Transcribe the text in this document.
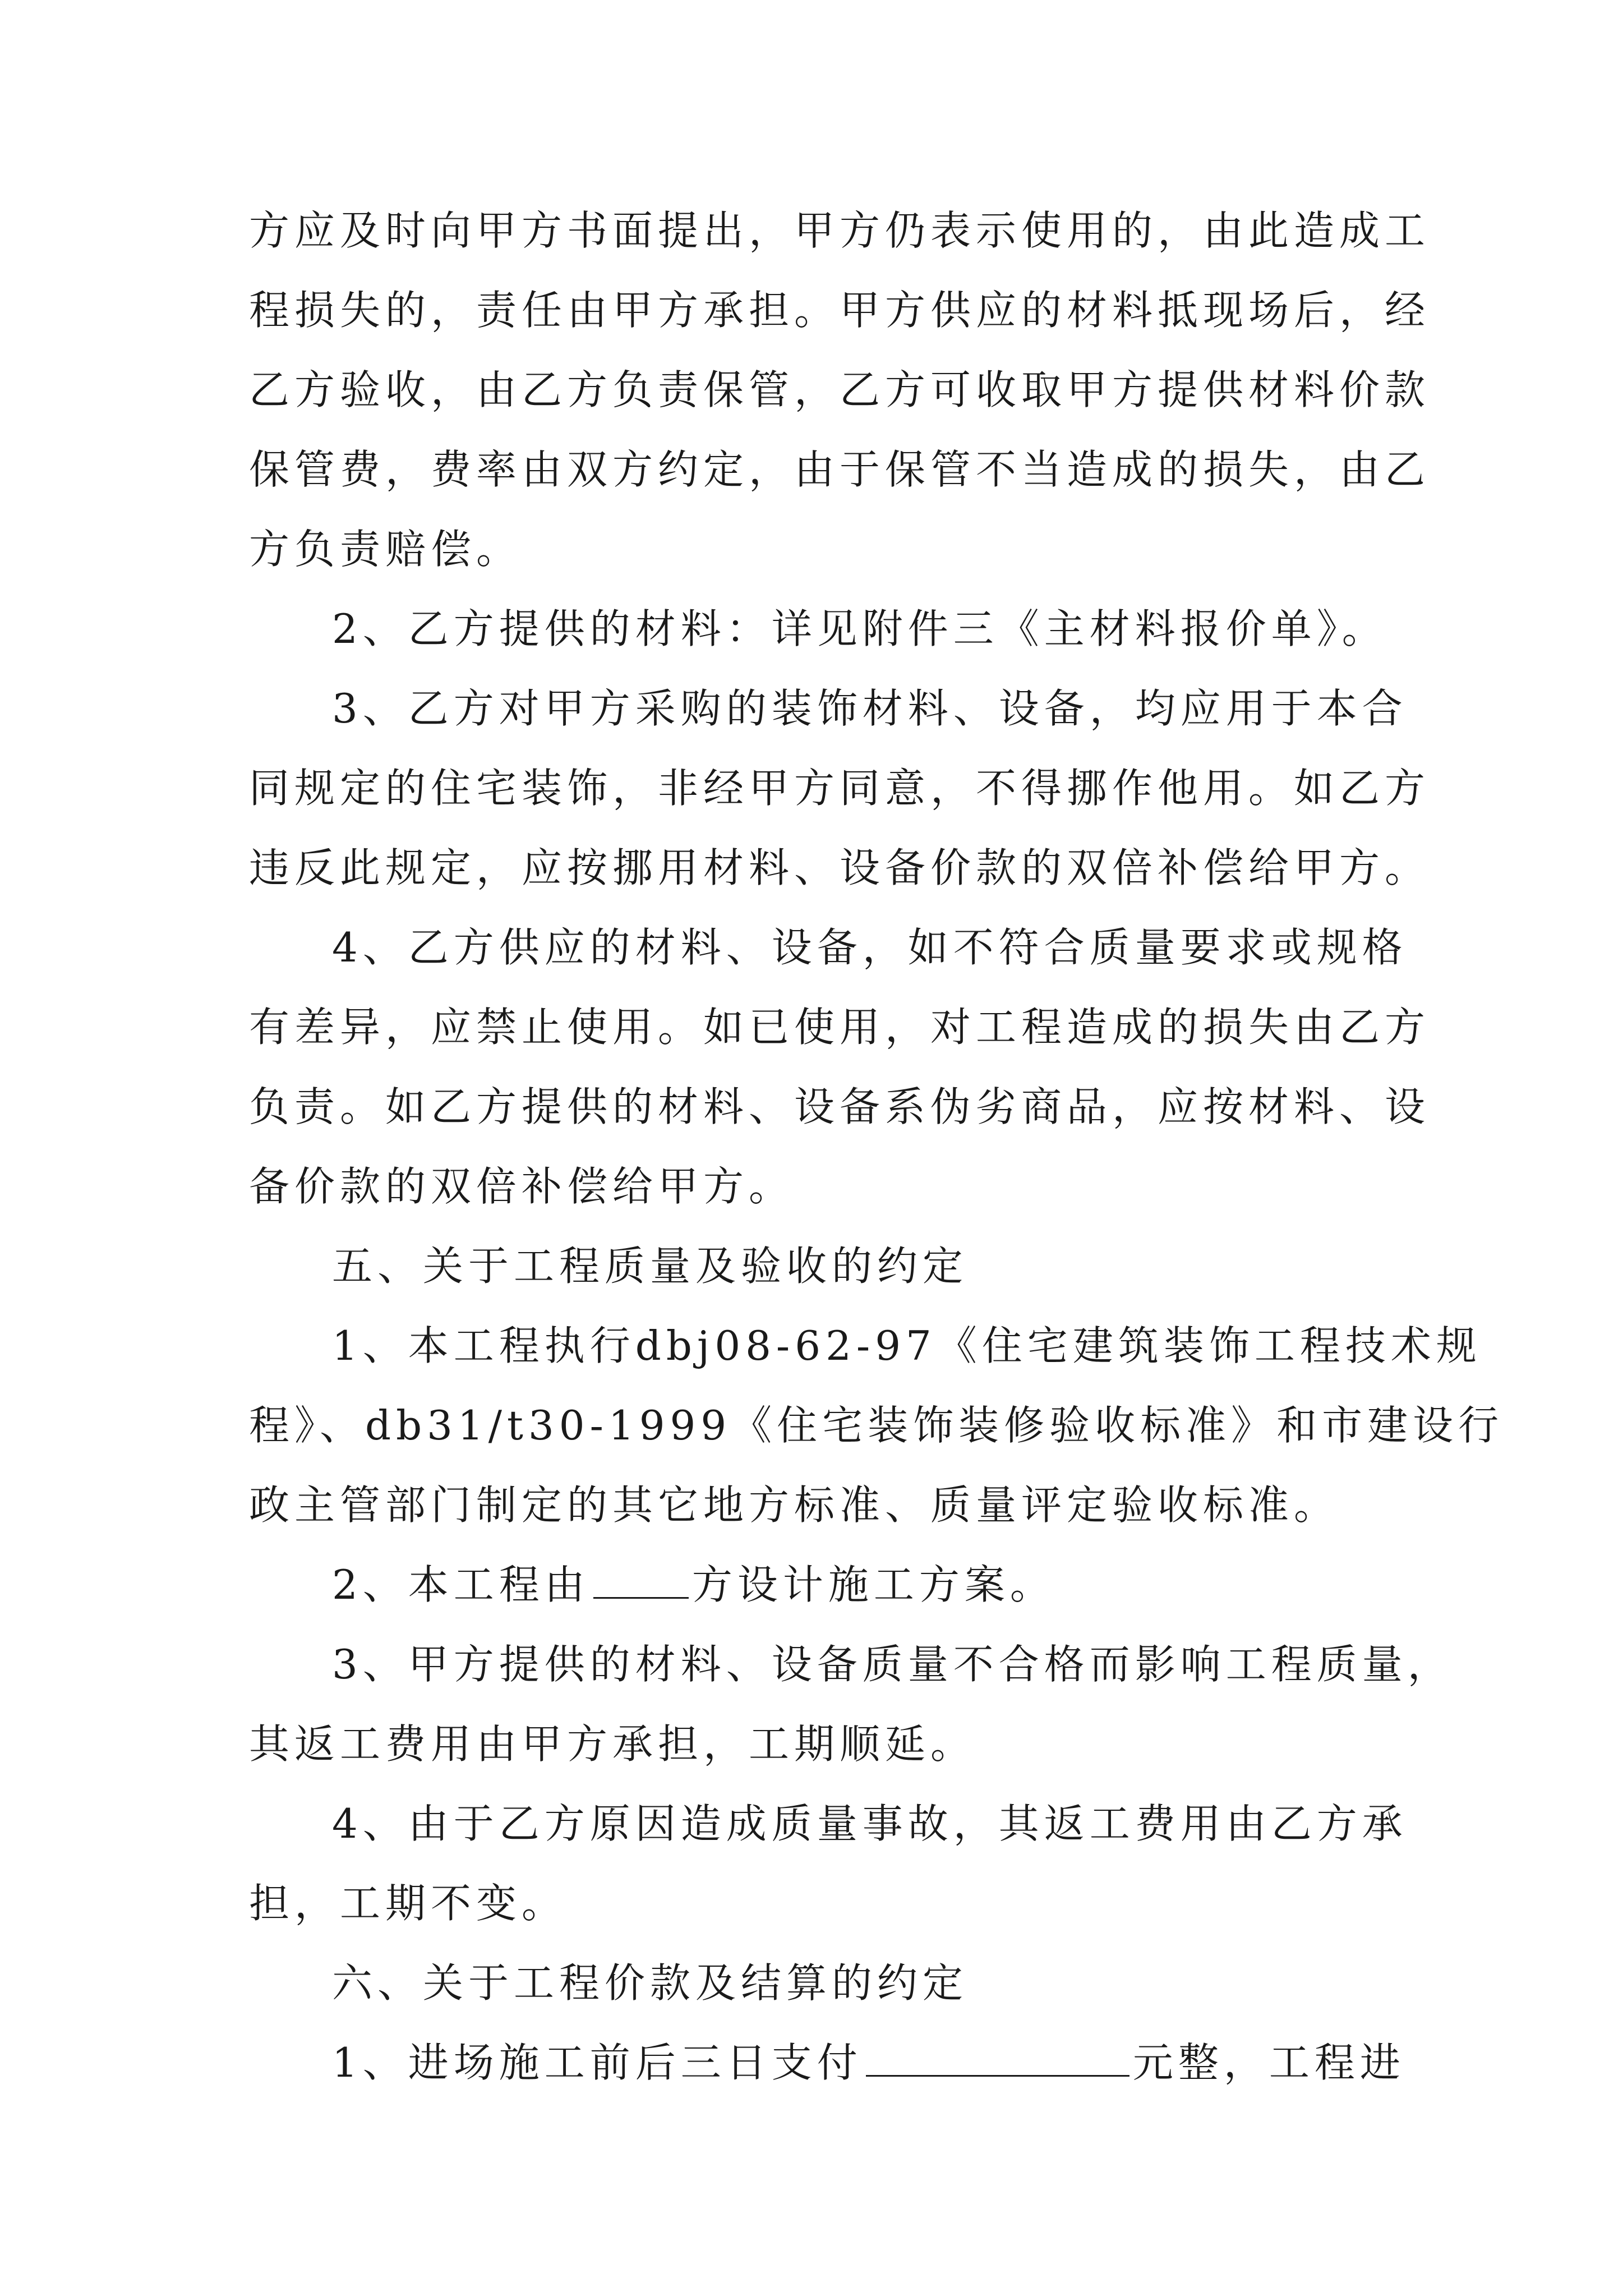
方应及时向甲方书面提出，甲方仍表示使用的，由此造成工
程损失的，责任由甲方承担。甲方供应的材料抵现场后，经
乙方验收，由乙方负责保管，乙方可收取甲方提供材料价款
保管费，费率由双方约定，由于保管不当造成的损失，由乙
方负责赔偿。
2、乙方提供的材料：详见附件三《主材料报价单》。
3、乙方对甲方采购的装饰材料、设备，均应用于本合
同规定的住宅装饰，非经甲方同意，不得挪作他用。如乙方
违反此规定，应按挪用材料、设备价款的双倍补偿给甲方。
4、乙方供应的材料、设备，如不符合质量要求或规格
有差异，应禁止使用。如已使用，对工程造成的损失由乙方
负责。如乙方提供的材料、设备系伪劣商品，应按材料、设
备价款的双倍补偿给甲方。
五、关于工程质量及验收的约定
1、本工程执行dbj08-62-97《住宅建筑装饰工程技术规
程》、db31/t30-1999《住宅装饰装修验收标准》和市建设行
政主管部门制定的其它地方标准、质量评定验收标准。
2、本工程由	方设计施工方案。
3、甲方提供的材料、设备质量不合格而影响工程质量，
其返工费用由甲方承担，工期顺延。
4、由于乙方原因造成质量事故，其返工费用由乙方承
担，工期不变。
六、关于工程价款及结算的约定
1、进场施工前后三日支付	元整，工程进
